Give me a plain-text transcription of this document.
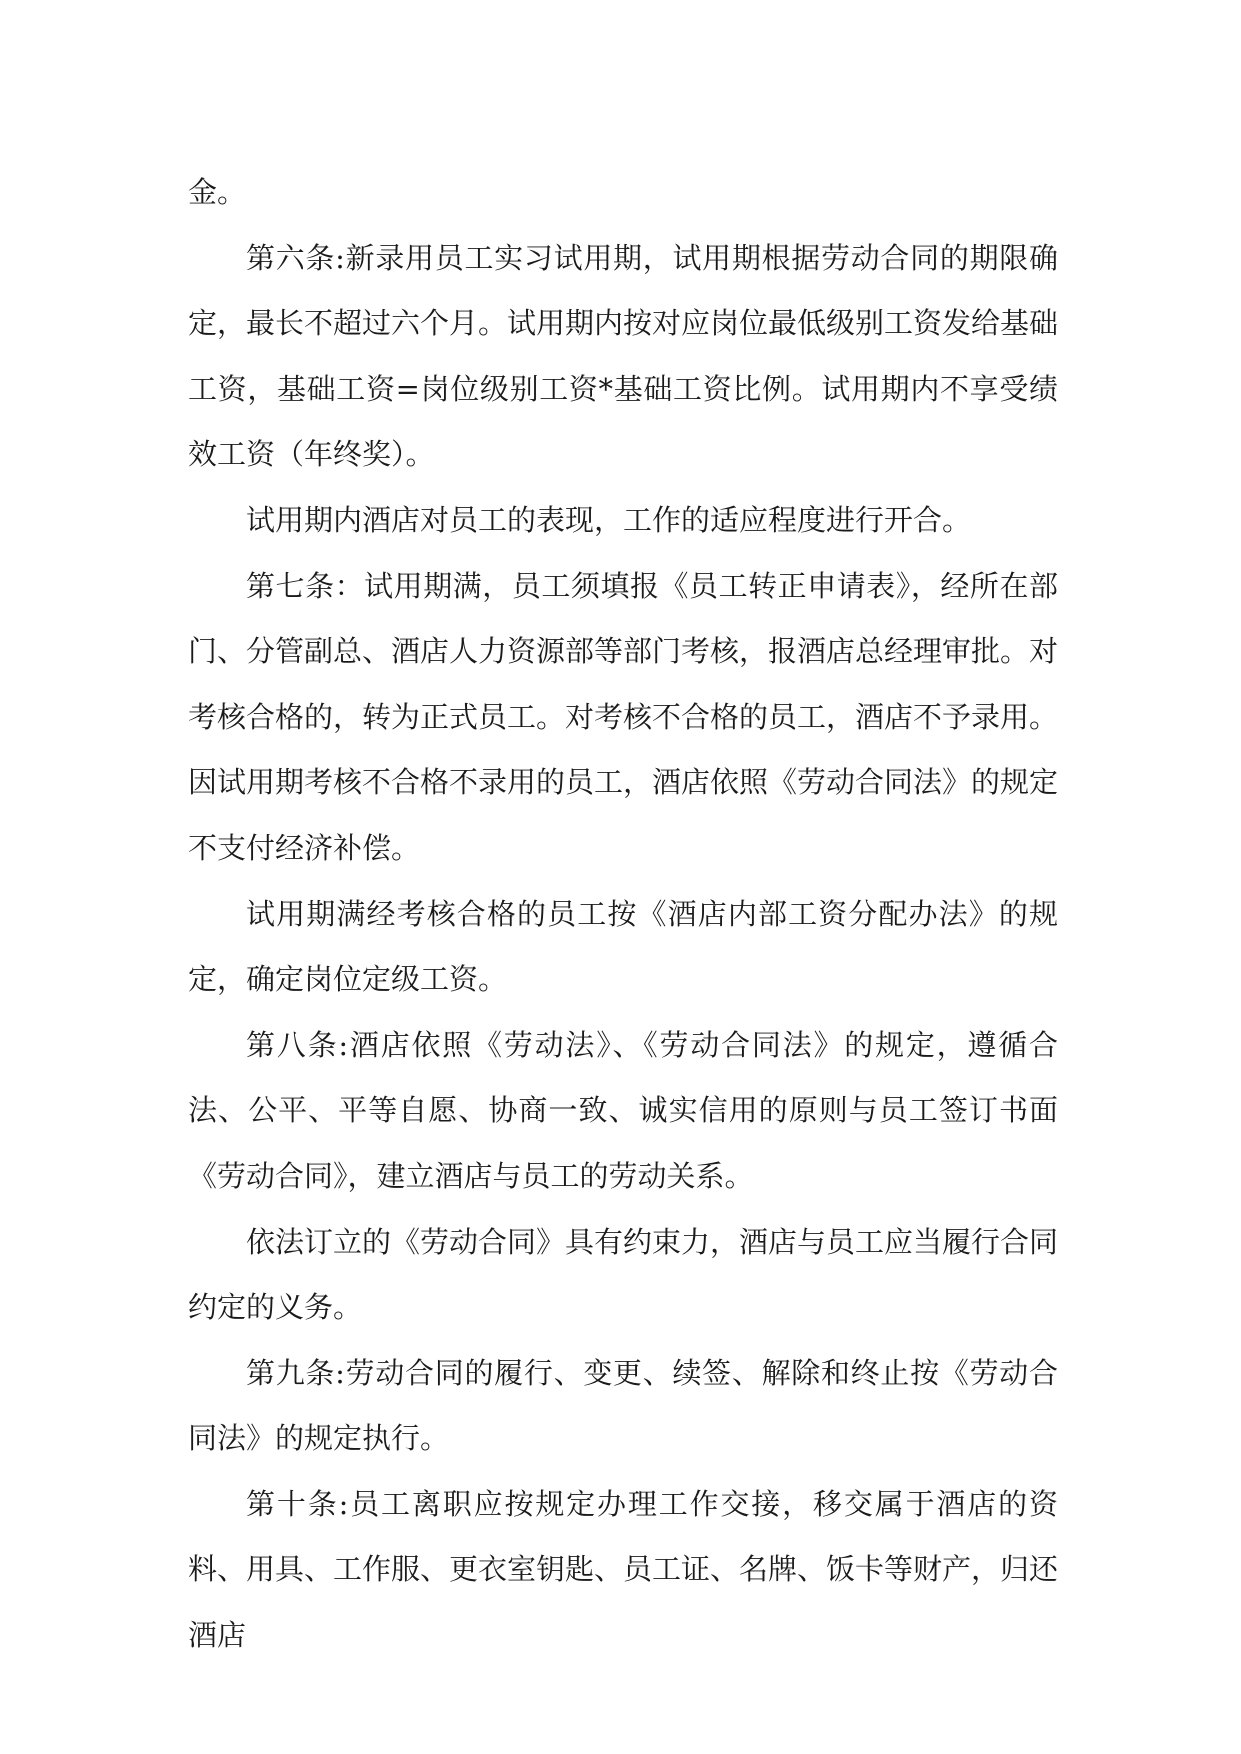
金。

第六条:新录用员工实习试用期，试用期根据劳动合同的期限确定，最长不超过六个月。试用期内按对应岗位最低级别工资发给基础工资，基础工资=岗位级别工资*基础工资比例。试用期内不享受绩效工资（年终奖）。

试用期内酒店对员工的表现，工作的适应程度进行开合。

第七条：试用期满，员工须填报《员工转正申请表》，经所在部门、分管副总、酒店人力资源部等部门考核，报酒店总经理审批。对考核合格的，转为正式员工。对考核不合格的员工，酒店不予录用。因试用期考核不合格不录用的员工，酒店依照《劳动合同法》的规定不支付经济补偿。

试用期满经考核合格的员工按《酒店内部工资分配办法》的规定，确定岗位定级工资。

第八条:酒店依照《劳动法》、《劳动合同法》的规定，遵循合法、公平、平等自愿、协商一致、诚实信用的原则与员工签订书面《劳动合同》，建立酒店与员工的劳动关系。

依法订立的《劳动合同》具有约束力，酒店与员工应当履行合同约定的义务。

第九条:劳动合同的履行、变更、续签、解除和终止按《劳动合同法》的规定执行。

第十条:员工离职应按规定办理工作交接，移交属于酒店的资料、用具、工作服、更衣室钥匙、员工证、名牌、饭卡等财产，归还酒店
